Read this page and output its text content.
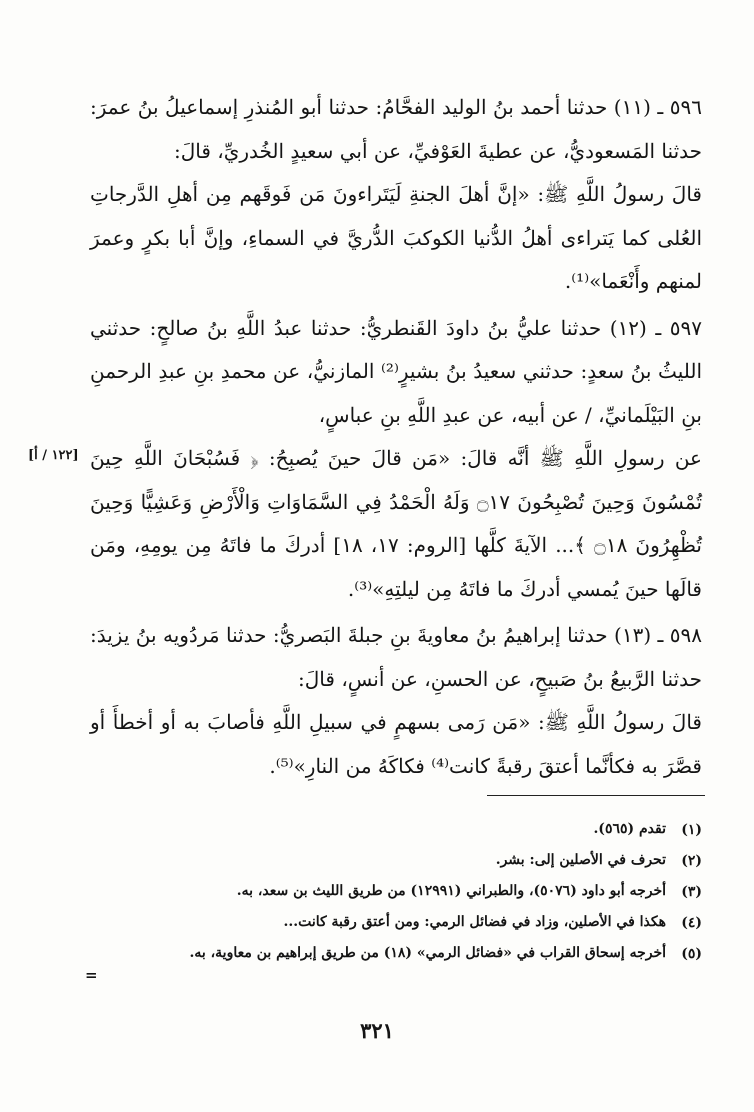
٥٩٦ ـ (١١) حدثنا أحمد بنُ الوليد الفحَّامُ: حدثنا أبو المُنذرِ إسماعيلُ بنُ عمرَ: حدثنا المَسعوديُّ، عن عطيةَ العَوْفيِّ، عن أبي سعيدٍ الخُدريِّ، قالَ:

قالَ رسولُ اللَّهِ ﷺ: «إنَّ أهلَ الجنةِ لَيَتَراءونَ مَن فَوقَهم مِن أهلِ الدَّرجاتِ العُلى كما يَتراءى أهلُ الدُّنيا الكوكبَ الدُّريَّ في السماءِ، وإنَّ أبا بكرٍ وعمرَ لمنهم وأَنْعَما»⁽¹⁾.

٥٩٧ ـ (١٢) حدثنا عليُّ بنُ داودَ القَنطريُّ: حدثنا عبدُ اللَّهِ بنُ صالحٍ: حدثني الليثُ بنُ سعدٍ: حدثني سعيدُ بنُ بشيرٍ⁽²⁾ المازنيُّ، عن محمدِ بنِ عبدِ الرحمنِ بنِ البَيْلَمانيِّ، / عن أبيه، عن عبدِ اللَّهِ بنِ عباسٍ،

عن رسولِ اللَّهِ ﷺ أنَّه قالَ: «مَن قالَ حينَ يُصبِحُ: ﴿ فَسُبْحَانَ اللَّهِ حِينَ تُمْسُونَ وَحِينَ تُصْبِحُونَ ۝١٧ وَلَهُ الْحَمْدُ فِي السَّمَاوَاتِ وَالْأَرْضِ وَعَشِيًّا وَحِينَ تُظْهِرُونَ ۝١٨ ﴾... الآيةَ كلَّها [الروم: ١٧، ١٨] أدركَ ما فاتَهُ مِن يومِهِ، ومَن قالَها حينَ يُمسي أدركَ ما فاتَهُ مِن ليلتِهِ»⁽³⁾.

٥٩٨ ـ (١٣) حدثنا إبراهيمُ بنُ معاويةَ بنِ جبلةَ البَصريُّ: حدثنا مَردُويه بنُ يزيدَ: حدثنا الرَّبيعُ بنُ صَبيحٍ، عن الحسنِ، عن أنسٍ، قالَ:

قالَ رسولُ اللَّهِ ﷺ: «مَن رَمى بسهمٍ في سبيلِ اللَّهِ فأصابَ به أو أخطأَ أو قصَّرَ به فكأنَّما أعتقَ رقبةً كانت⁽⁴⁾ فكاكَهُ من النارِ»⁽⁵⁾.

[١٢٢ / أ]
(١)
تقدم (٥٦٥).
(٢)
تحرف في الأصلين إلى: بشر.
(٣)
أخرجه أبو داود (٥٠٧٦)، والطبراني (١٢٩٩١) من طريق الليث بن سعد، به.
(٤)
هكذا في الأصلين، وزاد في فضائل الرمي: ومن أعتق رقبة كانت...
(٥)
أخرجه إسحاق القراب في «فضائل الرمي» (١٨) من طريق إبراهيم بن معاوية، به.
=
٣٢١
